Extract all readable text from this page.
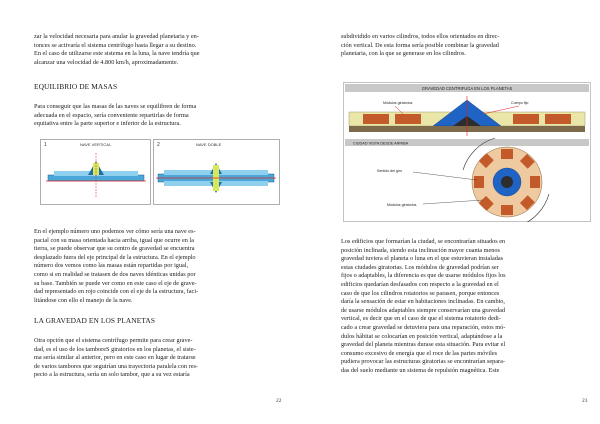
zar la velocidad necesaria para anular la gravedad planetaria y en-

tonces se activaría el sistema centrífugo hasta llegar a su destino.

En el caso de utilizarse este sistema en la luna, la nave tendría que

alcanzar una velocidad de 4.800 km/h, aproximadamente.

EQUILIBRIO DE MASAS

Para conseguir que las masas de las naves se equilibren de forma

adecuada en el espacio, sería conveniente repartirlas de forma

equitativa entre la parte superior e inferior de la estructura.

1	NAVE VERTICAL	2	NAVE DOBLE

En el ejemplo número uno podemos ver cómo sería una nave es-

pacial con su masa orientada hacia arriba, igual que ocurre en la

tierra, se puede observar que su centro de gravedad se encuentra

desplazado fuera del eje principal de la estructura. En el ejemplo

número dos vemos como las masas están repartidas por igual,

como si en realidad se tratasen de dos naves idénticas unidas por

su base. También se puede ver como en este caso el eje de grave-

dad representado en rojo coincide con el eje de la estructura, faci-

litándose con ello el manejo de la nave.

LA GRAVEDAD EN LOS PLANETAS

Otra opción que el sistema centrífugo permite para crear grave-

dad, es el uso de los tamboreS giratorios en los planetas, el siste-

ma sería similar al anterior, pero en este caso en lugar de tratarse

de varios tambores que seguirían una trayectoria paralela con res-

pecto a la estructura, sería un solo tambor, que a su vez estaría

22

subdividido en varios cilindros, todos ellos orientados en direc-

ción vertical. De esta forma sería posible combinar la gravedad

planetaria, con la que se generase en los cilindros.

GRAVEDAD CENTRIFUGA EN LOS PLANETAS
Módulos giratorios	Cuerpo fijo
CIUDAD VISTA DESDE ARRIBA
Sentido del giro
Módulos giratorios

Los edificios que formarían la ciudad, se encontrarían situados en

posición inclinada, siendo esta inclinación mayor cuanta menos

gravedad tuviera el planeta o luna en el que estuvieran instaladas

estas ciudades giratorias. Los módulos de gravedad podrían ser

fijos o adaptables, la diferencia es que de usarse módulos fijos los

edificios quedarían desfasados con respecto a la gravedad en el

caso de que los cilindros rotatorios se parasen, porque entonces

daría la sensación de estar en habitaciones inclinadas. En cambio,

de usarse módulos adaptables siempre conservarían una gravedad

vertical, es decir que en el caso de que el sistema rotatorio dedi-

cado a crear gravedad se detuviera para una reparación, estos mó-

dulos hábitat se colocarían en posición vertical, adaptándose a la

gravedad del planeta mientras durase esta situación. Para evitar el

consumo excesivo de energía que el roce de las partes móviles

pudiera provocar las estructuras giratorias se encontrarían separa-

das del suelo mediante un sistema de repulsión magnética. Este

23
